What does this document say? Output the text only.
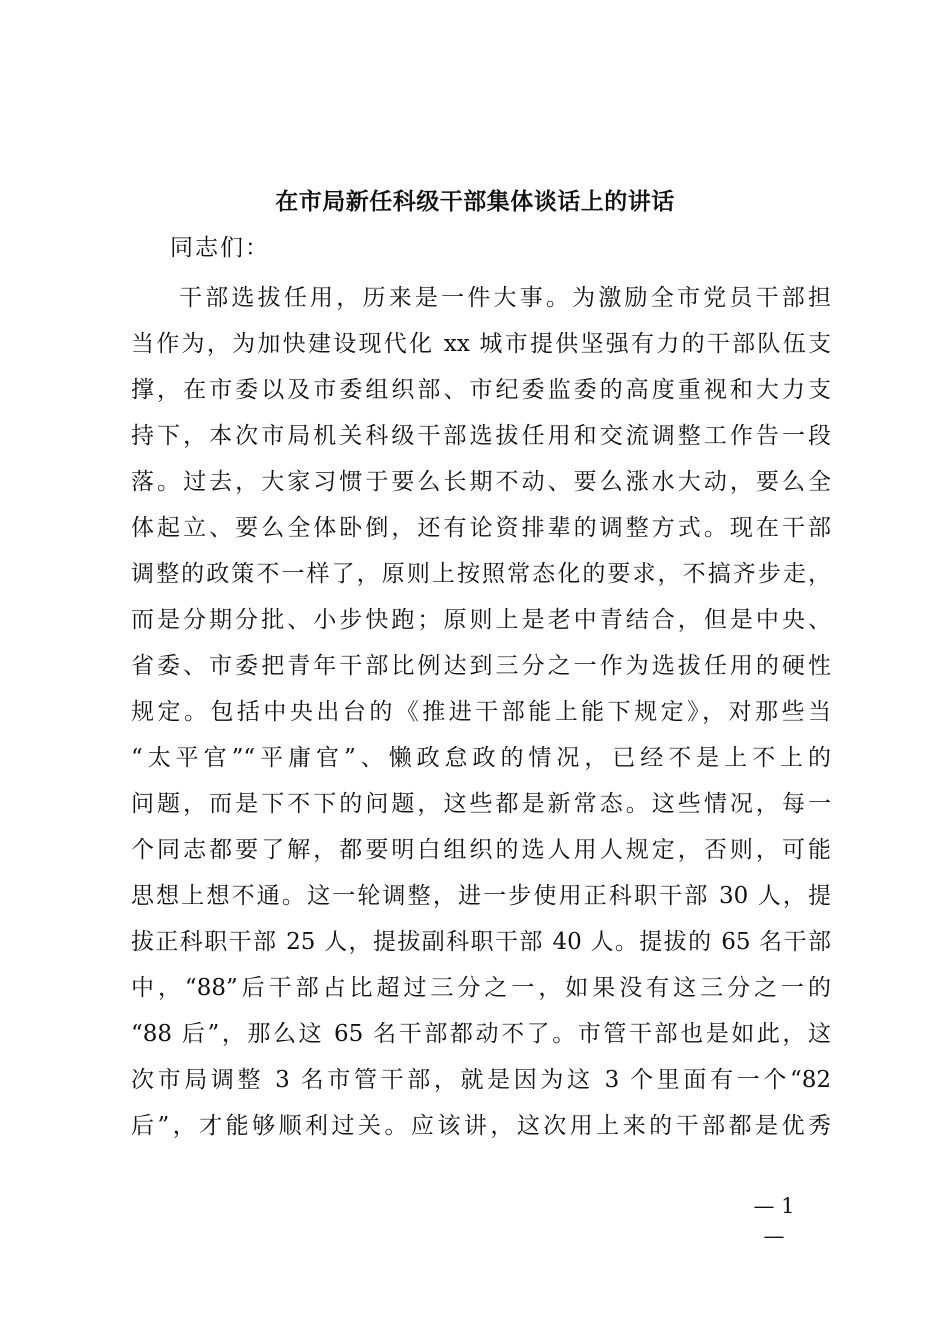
在市局新任科级干部集体谈话上的讲话
同志们：
干部选拔任用，历来是一件大事。为激励全市党员干部担
当作为，为加快建设现代化 xx 城市提供坚强有力的干部队伍支
撑，在市委以及市委组织部、市纪委监委的高度重视和大力支
持下，本次市局机关科级干部选拔任用和交流调整工作告一段
落。过去，大家习惯于要么长期不动、要么涨水大动，要么全
体起立、要么全体卧倒，还有论资排辈的调整方式。现在干部
调整的政策不一样了，原则上按照常态化的要求，不搞齐步走，
而是分期分批、小步快跑；原则上是老中青结合，但是中央、
省委、市委把青年干部比例达到三分之一作为选拔任用的硬性
规定。包括中央出台的《推进干部能上能下规定》，对那些当
“太平官”“平庸官”、懒政怠政的情况，已经不是上不上的
问题，而是下不下的问题，这些都是新常态。这些情况，每一
个同志都要了解，都要明白组织的选人用人规定，否则，可能
思想上想不通。这一轮调整，进一步使用正科职干部 30 人，提
拔正科职干部 25 人，提拔副科职干部 40 人。提拔的 65 名干部
中，“88”后干部占比超过三分之一，如果没有这三分之一的
“88 后”，那么这 65 名干部都动不了。市管干部也是如此，这
次市局调整 3 名市管干部，就是因为这 3 个里面有一个“82
后”，才能够顺利过关。应该讲，这次用上来的干部都是优秀
— 1 —
